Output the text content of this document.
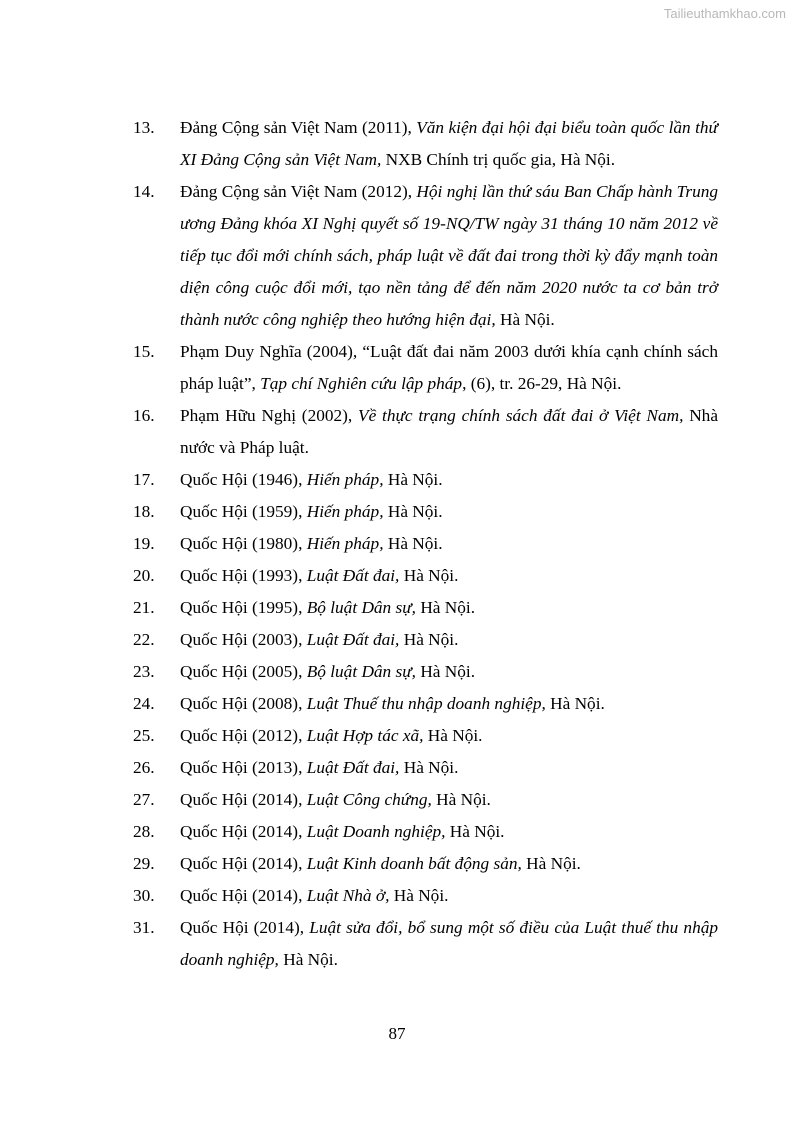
Tailieuthamkhao.com
13. Đảng Cộng sản Việt Nam (2011), Văn kiện đại hội đại biểu toàn quốc lần thứ XI Đảng Cộng sản Việt Nam, NXB Chính trị quốc gia, Hà Nội.
14. Đảng Cộng sản Việt Nam (2012), Hội nghị lần thứ sáu Ban Chấp hành Trung ương Đảng khóa XI Nghị quyết số 19-NQ/TW ngày 31 tháng 10 năm 2012 về tiếp tục đổi mới chính sách, pháp luật về đất đai trong thời kỳ đẩy mạnh toàn diện công cuộc đổi mới, tạo nền tảng để đến năm 2020 nước ta cơ bản trở thành nước công nghiệp theo hướng hiện đại, Hà Nội.
15. Phạm Duy Nghĩa (2004), “Luật đất đai năm 2003 dưới khía cạnh chính sách pháp luật”, Tạp chí Nghiên cứu lập pháp, (6), tr. 26-29, Hà Nội.
16. Phạm Hữu Nghị (2002), Về thực trạng chính sách đất đai ở Việt Nam, Nhà nước và Pháp luật.
17. Quốc Hội (1946), Hiến pháp, Hà Nội.
18. Quốc Hội (1959), Hiến pháp, Hà Nội.
19. Quốc Hội (1980), Hiến pháp, Hà Nội.
20. Quốc Hội (1993), Luật Đất đai, Hà Nội.
21. Quốc Hội (1995), Bộ luật Dân sự, Hà Nội.
22. Quốc Hội (2003), Luật Đất đai, Hà Nội.
23. Quốc Hội (2005), Bộ luật Dân sự, Hà Nội.
24. Quốc Hội (2008), Luật Thuế thu nhập doanh nghiệp, Hà Nội.
25. Quốc Hội (2012), Luật Hợp tác xã, Hà Nội.
26. Quốc Hội (2013), Luật Đất đai, Hà Nội.
27. Quốc Hội (2014), Luật Công chứng, Hà Nội.
28. Quốc Hội (2014), Luật Doanh nghiệp, Hà Nội.
29. Quốc Hội (2014), Luật Kinh doanh bất động sản, Hà Nội.
30. Quốc Hội (2014), Luật Nhà ở, Hà Nội.
31. Quốc Hội (2014), Luật sửa đổi, bổ sung một số điều của Luật thuế thu nhập doanh nghiệp, Hà Nội.
87
